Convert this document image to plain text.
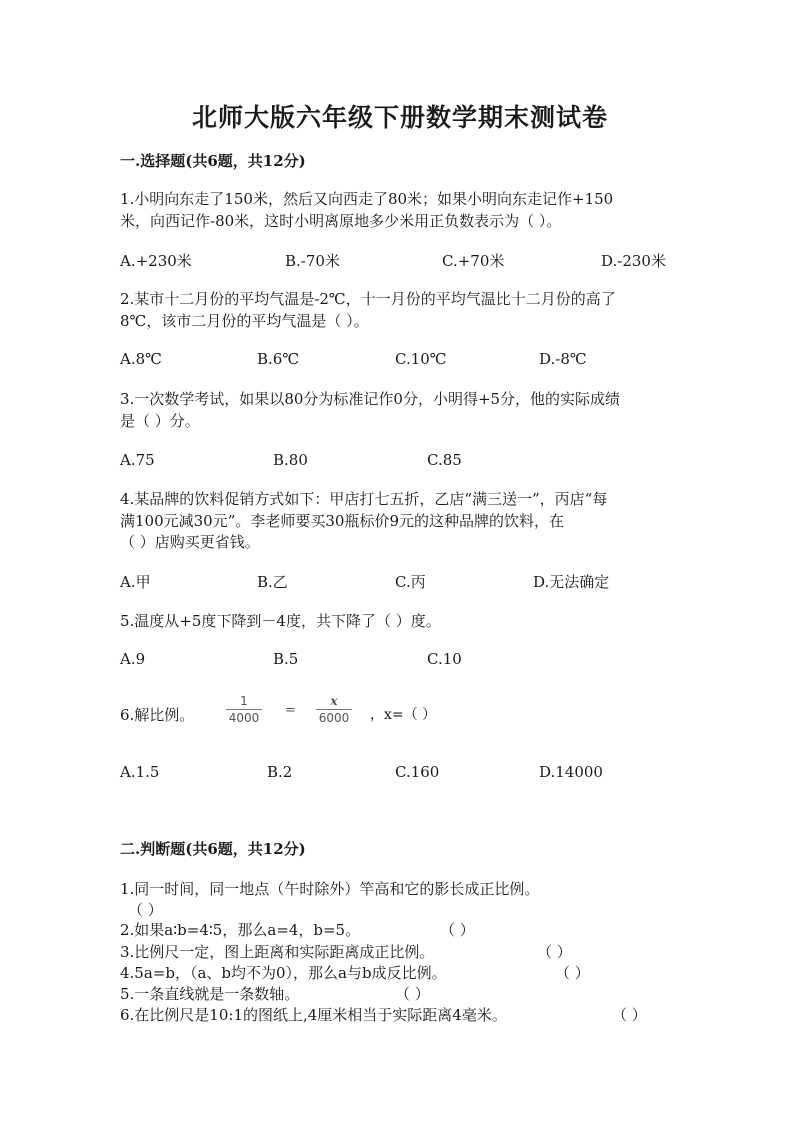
北师大版六年级下册数学期末测试卷
一.选择题(共6题，共12分)
1.小明向东走了150米，然后又向西走了80米；如果小明向东走记作+150
米，向西记作-80米，这时小明离原地多少米用正负数表示为（ ）。
A.+230米	B.-70米	C.+70米	D.-230米
2.某市十二月份的平均气温是-2℃，十一月份的平均气温比十二月份的高了
8℃，该市二月份的平均气温是（ ）。
A.8℃	B.6℃	C.10℃	D.-8℃
3.一次数学考试，如果以80分为标准记作0分，小明得+5分，他的实际成绩
是（ ）分。
A.75	B.80	C.85
4.某品牌的饮料促销方式如下：甲店打七五折，乙店“满三送一”，丙店“每
满100元减30元”。李老师要买30瓶标价9元的这种品牌的饮料，在
（ ）店购买更省钱。
A.甲	B.乙	C.丙	D.无法确定
5.温度从+5度下降到－4度，共下降了（ ）度。
A.9	B.5	C.10
6.解比例。
1
4000 =
x
6000 ，x=（ ）
A.1.5	B.2	C.160	D.14000
二.判断题(共6题，共12分)
1.同一时间，同一地点（午时除外）竿高和它的影长成正比例。
（ ）
2.如果a∶b=4∶5，那么a=4，b=5。	（ ）
3.比例尺一定，图上距离和实际距离成正比例。	（ ）
4.5a=b，（a、b均不为0），那么a与b成反比例。	（ ）
5.一条直线就是一条数轴。	（ ）
6.在比例尺是10:1的图纸上,4厘米相当于实际距离4毫米。	（ ）
